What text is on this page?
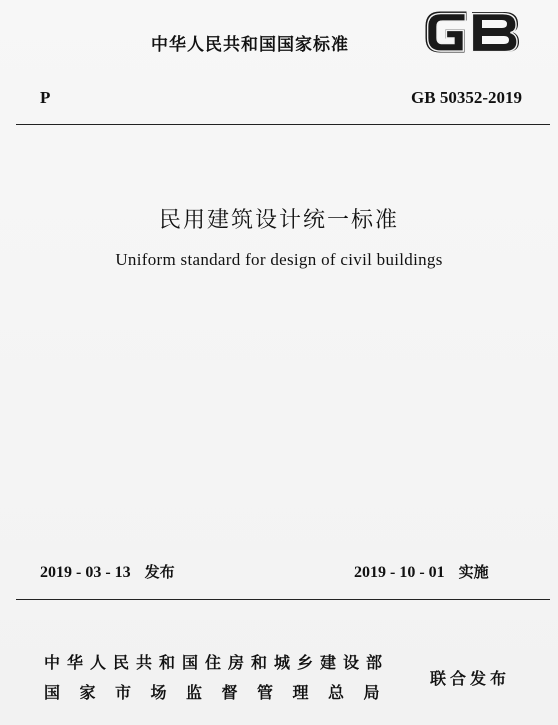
中华人民共和国国家标准
P	GB 50352-2019
民用建筑设计统一标准
Uniform standard for design of civil buildings
2019 - 03 - 13 发布	2019 - 10 - 01 实施
中华人民共和国住房和城乡建设部
国家市场监督管理总局
联合发布
